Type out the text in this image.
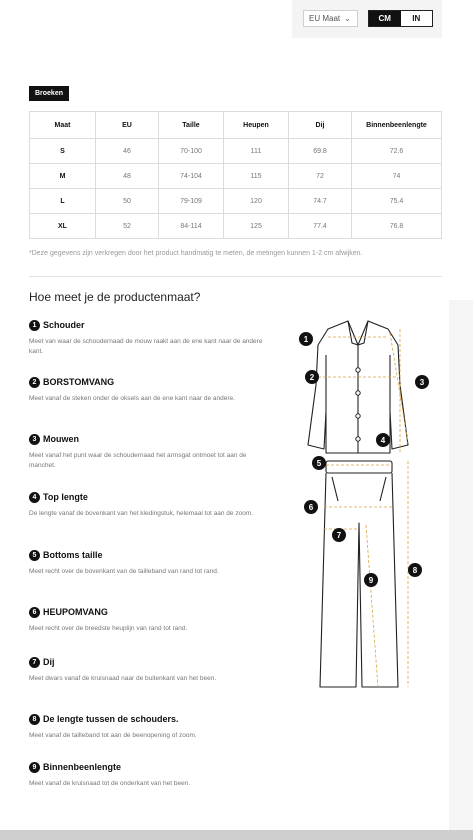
EU Maat ⌄	CM	IN
Broeken
Maat	EU	Taille	Heupen	Dij	Binnenbeenlengte
S	46	70-100	111	69.8	72.6
M	48	74-104	115	72	74
L	50	79-109	120	74.7	75.4
XL	52	84-114	125	77.4	76.8
*Deze gegevens zijn verkregen door het product handmatig te meten, de metingen kunnen 1-2 cm afwijken.
Hoe meet je de productenmaat?
1 Schouder
Meet van waar de schoudernaad de mouw raakt aan de ene kant naar de andere kant.
2 BORSTOMVANG
Meet vanaf de steken onder de oksels aan de ene kant naar de andere.
3 Mouwen
Meet vanaf het punt waar de schoudernaad het armsgat ontmoet tot aan de manchet.
4 Top lengte
De lengte vanaf de bovenkant van het kledingstuk, helemaal tot aan de zoom.
5 Bottoms taille
Meet recht over de bovenkant van de tailleband van rand tot rand.
6 HEUPOMVANG
Meet recht over de breedste heuplijn van rand tot rand.
7 Dij
Meet dwars vanaf de kruisnaad naar de buitenkant van het been.
8 De lengte tussen de schouders.
Meet vanaf de tailleband tot aan de beenopening of zoom.
9 Binnenbeenlengte
Meet vanaf de kruisnaad tot de onderkant van het been.
1
2
3
4
5
6
7
8
9
